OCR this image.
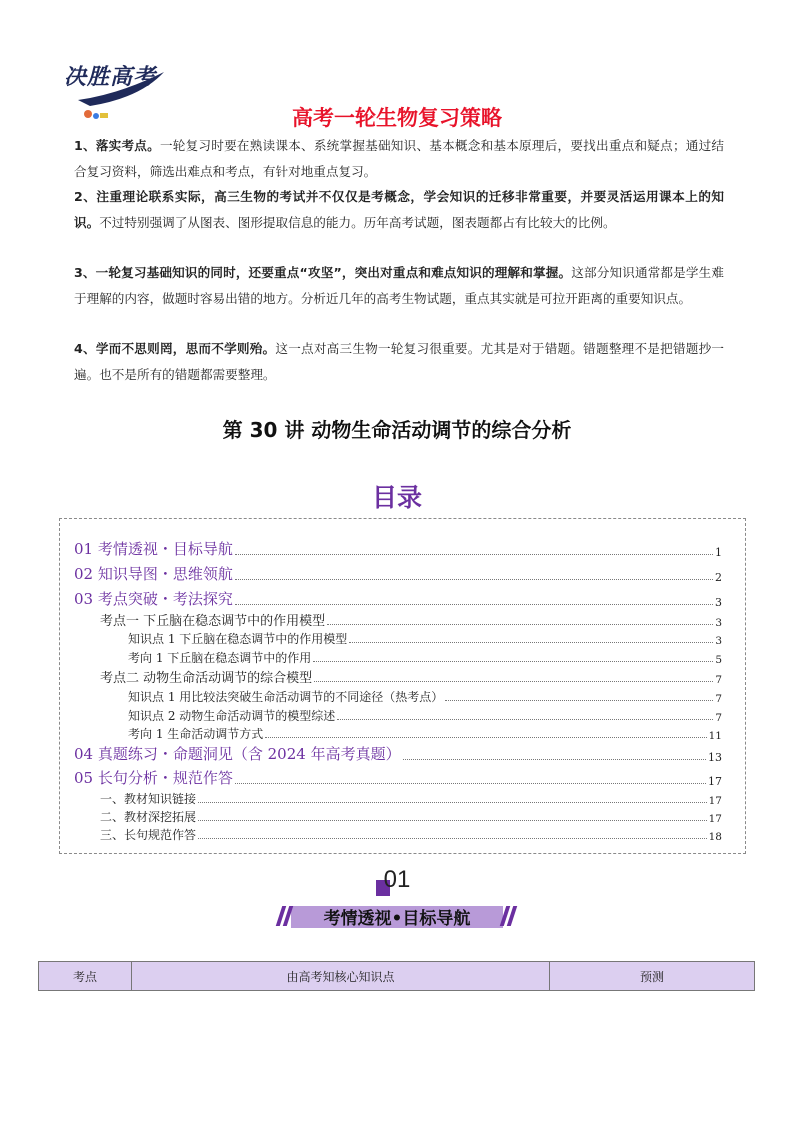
决胜高考
高考一轮生物复习策略
1、落实考点。一轮复习时要在熟读课本、系统掌握基础知识、基本概念和基本原理后，要找出重点和疑点；通过结合复习资料，筛选出难点和考点，有针对地重点复习。
2、注重理论联系实际，高三生物的考试并不仅仅是考概念，学会知识的迁移非常重要，并要灵活运用课本上的知识。不过特别强调了从图表、图形提取信息的能力。历年高考试题，图表题都占有比较大的比例。
3、一轮复习基础知识的同时，还要重点“攻坚”，突出对重点和难点知识的理解和掌握。这部分知识通常都是学生难于理解的内容，做题时容易出错的地方。分析近几年的高考生物试题，重点其实就是可拉开距离的重要知识点。
4、学而不思则罔，思而不学则殆。这一点对高三生物一轮复习很重要。尤其是对于错题。错题整理不是把错题抄一遍。也不是所有的错题都需要整理。
第 30 讲 动物生命活动调节的综合分析
目录
01 考情透视・目标导航	1
02 知识导图・思维领航	2
03 考点突破・考法探究	3
考点一 下丘脑在稳态调节中的作用模型	3
知识点 1 下丘脑在稳态调节中的作用模型	3
考向 1 下丘脑在稳态调节中的作用	5
考点二 动物生命活动调节的综合模型	7
知识点 1 用比较法突破生命活动调节的不同途径（热考点）	7
知识点 2 动物生命活动调节的模型综述	7
考向 1 生命活动调节方式	11
04 真题练习・命题洞见（含 2024 年高考真题）	13
05 长句分析・规范作答	17
一、教材知识链接	17
二、教材深挖拓展	17
三、长句规范作答	18
01
考情透视•目标导航
考点	由高考知核心知识点	预测
